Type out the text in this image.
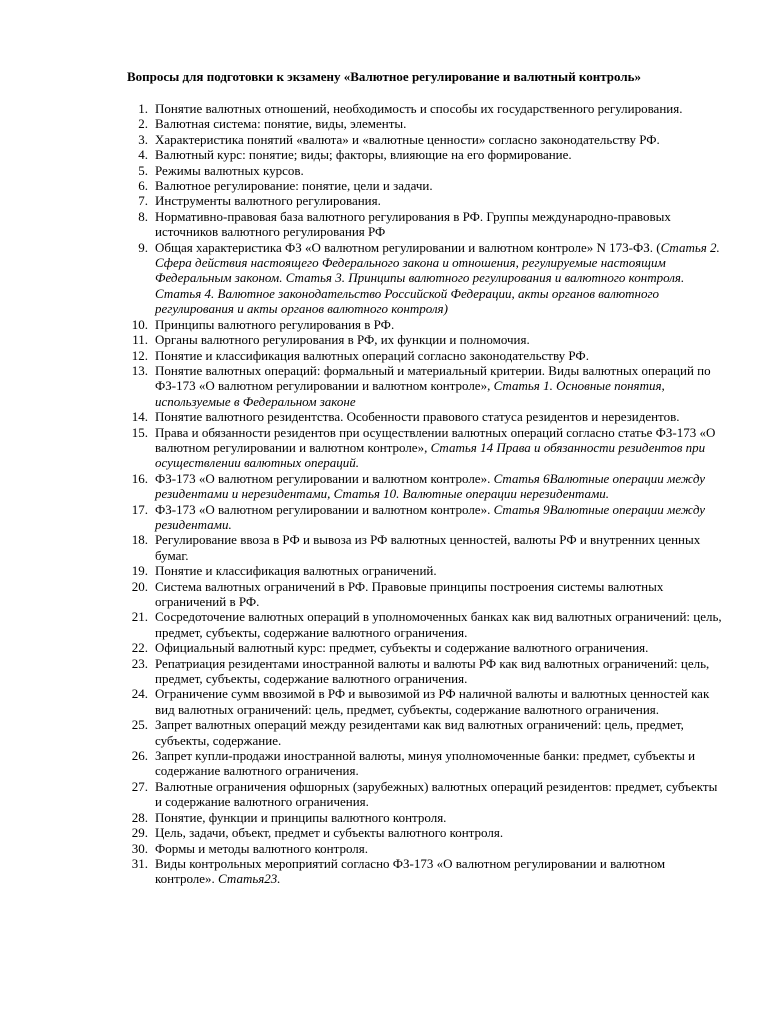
Вопросы для подготовки к экзамену «Валютное регулирование и валютный контроль»
1. Понятие валютных отношений, необходимость и способы их государственного регулирования.
2. Валютная система: понятие, виды, элементы.
3. Характеристика понятий «валюта» и «валютные ценности» согласно законодательству РФ.
4. Валютный курс: понятие; виды; факторы, влияющие на его формирование.
5. Режимы валютных курсов.
6. Валютное регулирование: понятие, цели и задачи.
7. Инструменты валютного регулирования.
8. Нормативно-правовая база валютного регулирования в РФ. Группы международно-правовых источников валютного регулирования РФ
9. Общая характеристика ФЗ «О валютном регулировании и валютном контроле» N 173-ФЗ. (Статья 2. Сфера действия настоящего Федерального закона и отношения, регулируемые настоящим Федеральным законом. Статья 3. Принципы валютного регулирования и валютного контроля. Статья 4. Валютное законодательство Российской Федерации, акты органов валютного регулирования и акты органов валютного контроля)
10. Принципы валютного регулирования в РФ.
11. Органы валютного регулирования в РФ, их функции и полномочия.
12. Понятие и классификация валютных операций согласно законодательству РФ.
13. Понятие валютных операций: формальный и материальный критерии. Виды валютных операций по ФЗ-173 «О валютном регулировании и валютном контроле», Статья 1. Основные понятия, используемые в Федеральном законе
14. Понятие валютного резидентства. Особенности правового статуса резидентов и нерезидентов.
15. Права и обязанности резидентов при осуществлении валютных операций согласно статье ФЗ-173 «О валютном регулировании и валютном контроле», Статья 14 Права и обязанности резидентов при осуществлении валютных операций.
16. ФЗ-173 «О валютном регулировании и валютном контроле». Статья 6Валютные операции между резидентами и нерезидентами, Статья 10. Валютные операции нерезидентами.
17. ФЗ-173 «О валютном регулировании и валютном контроле». Статья 9Валютные операции между резидентами.
18. Регулирование ввоза в РФ и вывоза из РФ валютных ценностей, валюты РФ и внутренних ценных бумаг.
19. Понятие и классификация валютных ограничений.
20. Система валютных ограничений в РФ. Правовые принципы построения системы валютных ограничений в РФ.
21. Сосредоточение валютных операций в уполномоченных банках как вид валютных ограничений: цель, предмет, субъекты, содержание валютного ограничения.
22. Официальный валютный курс: предмет, субъекты и содержание валютного ограничения.
23. Репатриация резидентами иностранной валюты и валюты РФ как вид валютных ограничений: цель, предмет, субъекты, содержание валютного ограничения.
24. Ограничение сумм ввозимой в РФ и вывозимой из РФ наличной валюты и валютных ценностей как вид валютных ограничений: цель, предмет, субъекты, содержание валютного ограничения.
25. Запрет валютных операций между резидентами как вид валютных ограничений: цель, предмет, субъекты, содержание.
26. Запрет купли-продажи иностранной валюты, минуя уполномоченные банки: предмет, субъекты и содержание валютного ограничения.
27. Валютные ограничения офшорных (зарубежных) валютных операций резидентов: предмет, субъекты и содержание валютного ограничения.
28. Понятие, функции и принципы валютного контроля.
29. Цель, задачи, объект, предмет и субъекты валютного контроля.
30. Формы и методы валютного контроля.
31. Виды контрольных мероприятий согласно ФЗ-173 «О валютном регулировании и валютном контроле». Статья23.
